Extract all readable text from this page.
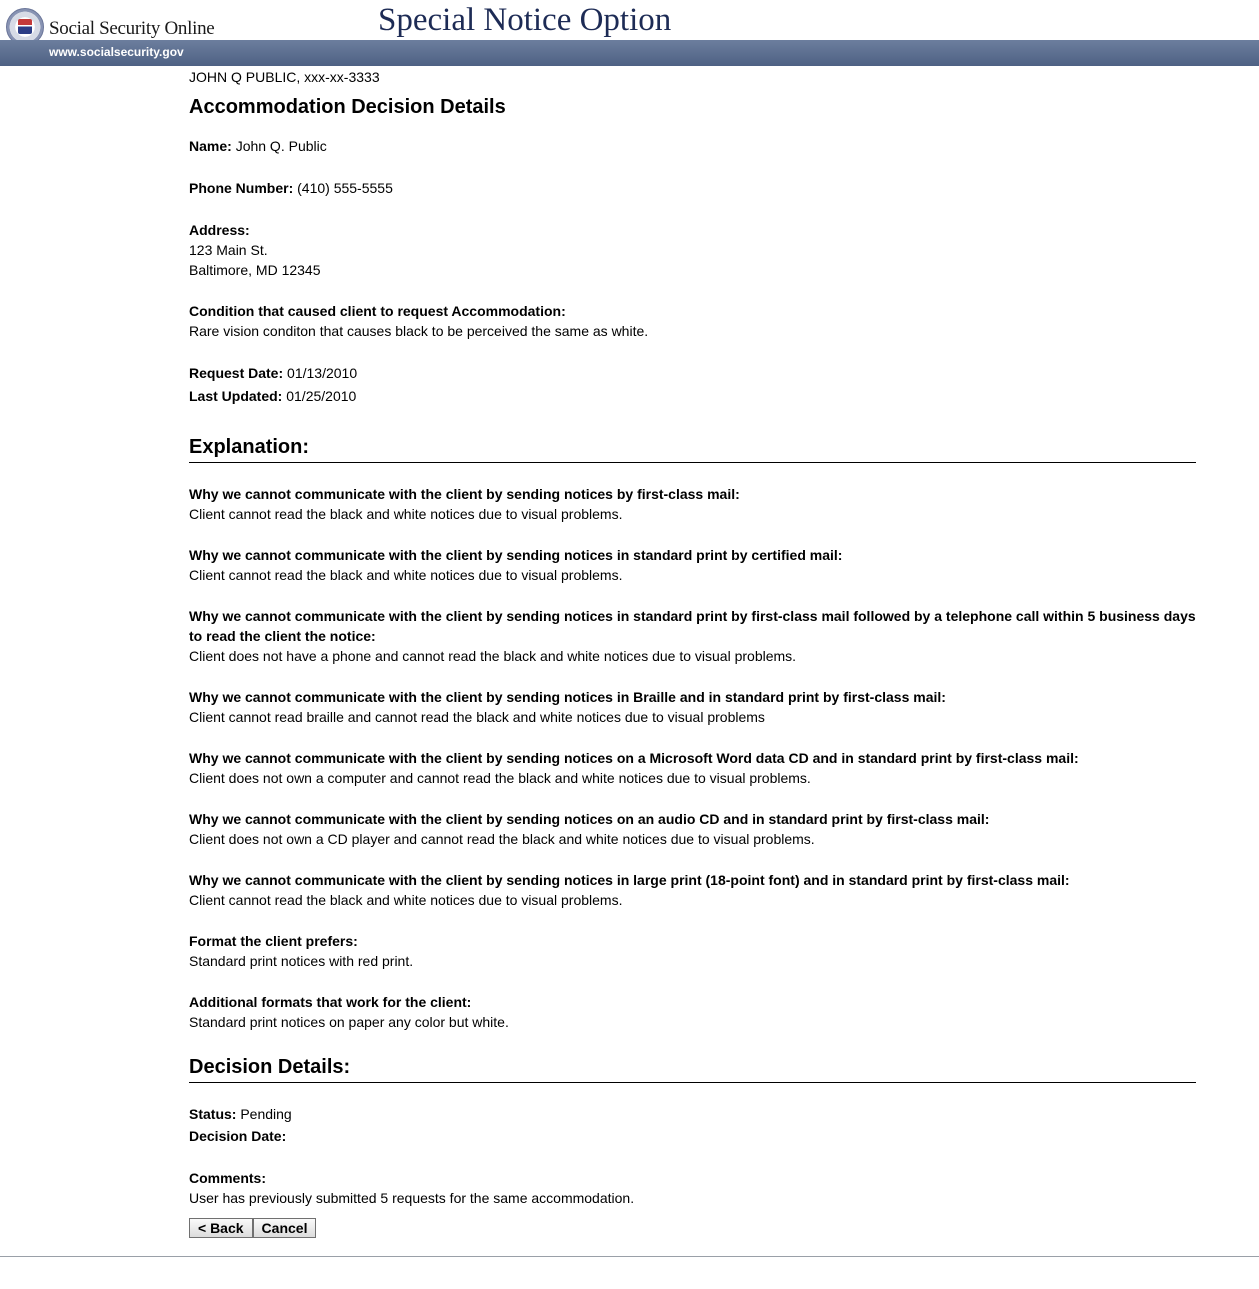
Social Security Online	Special Notice Option
www.socialsecurity.gov
JOHN Q PUBLIC, xxx-xx-3333
Accommodation Decision Details
Name: John Q. Public
Phone Number: (410) 555-5555
Address:
123 Main St.
Baltimore, MD 12345
Condition that caused client to request Accommodation:
Rare vision conditon that causes black to be perceived the same as white.
Request Date: 01/13/2010
Last Updated: 01/25/2010
Explanation:
Why we cannot communicate with the client by sending notices by first-class mail:
Client cannot read the black and white notices due to visual problems.
Why we cannot communicate with the client by sending notices in standard print by certified mail:
Client cannot read the black and white notices due to visual problems.
Why we cannot communicate with the client by sending notices in standard print by first-class mail followed by a telephone call within 5 business days to read the client the notice:
Client does not have a phone and cannot read the black and white notices due to visual problems.
Why we cannot communicate with the client by sending notices in Braille and in standard print by first-class mail:
Client cannot read braille and cannot read the black and white notices due to visual problems
Why we cannot communicate with the client by sending notices on a Microsoft Word data CD and in standard print by first-class mail:
Client does not own a computer and cannot read the black and white notices due to visual problems.
Why we cannot communicate with the client by sending notices on an audio CD and in standard print by first-class mail:
Client does not own a CD player and cannot read the black and white notices due to visual problems.
Why we cannot communicate with the client by sending notices in large print (18-point font) and in standard print by first-class mail:
Client cannot read the black and white notices due to visual problems.
Format the client prefers:
Standard print notices with red print.
Additional formats that work for the client:
Standard print notices on paper any color but white.
Decision Details:
Status: Pending
Decision Date:
Comments:
User has previously submitted 5 requests for the same accommodation.
< Back Cancel
